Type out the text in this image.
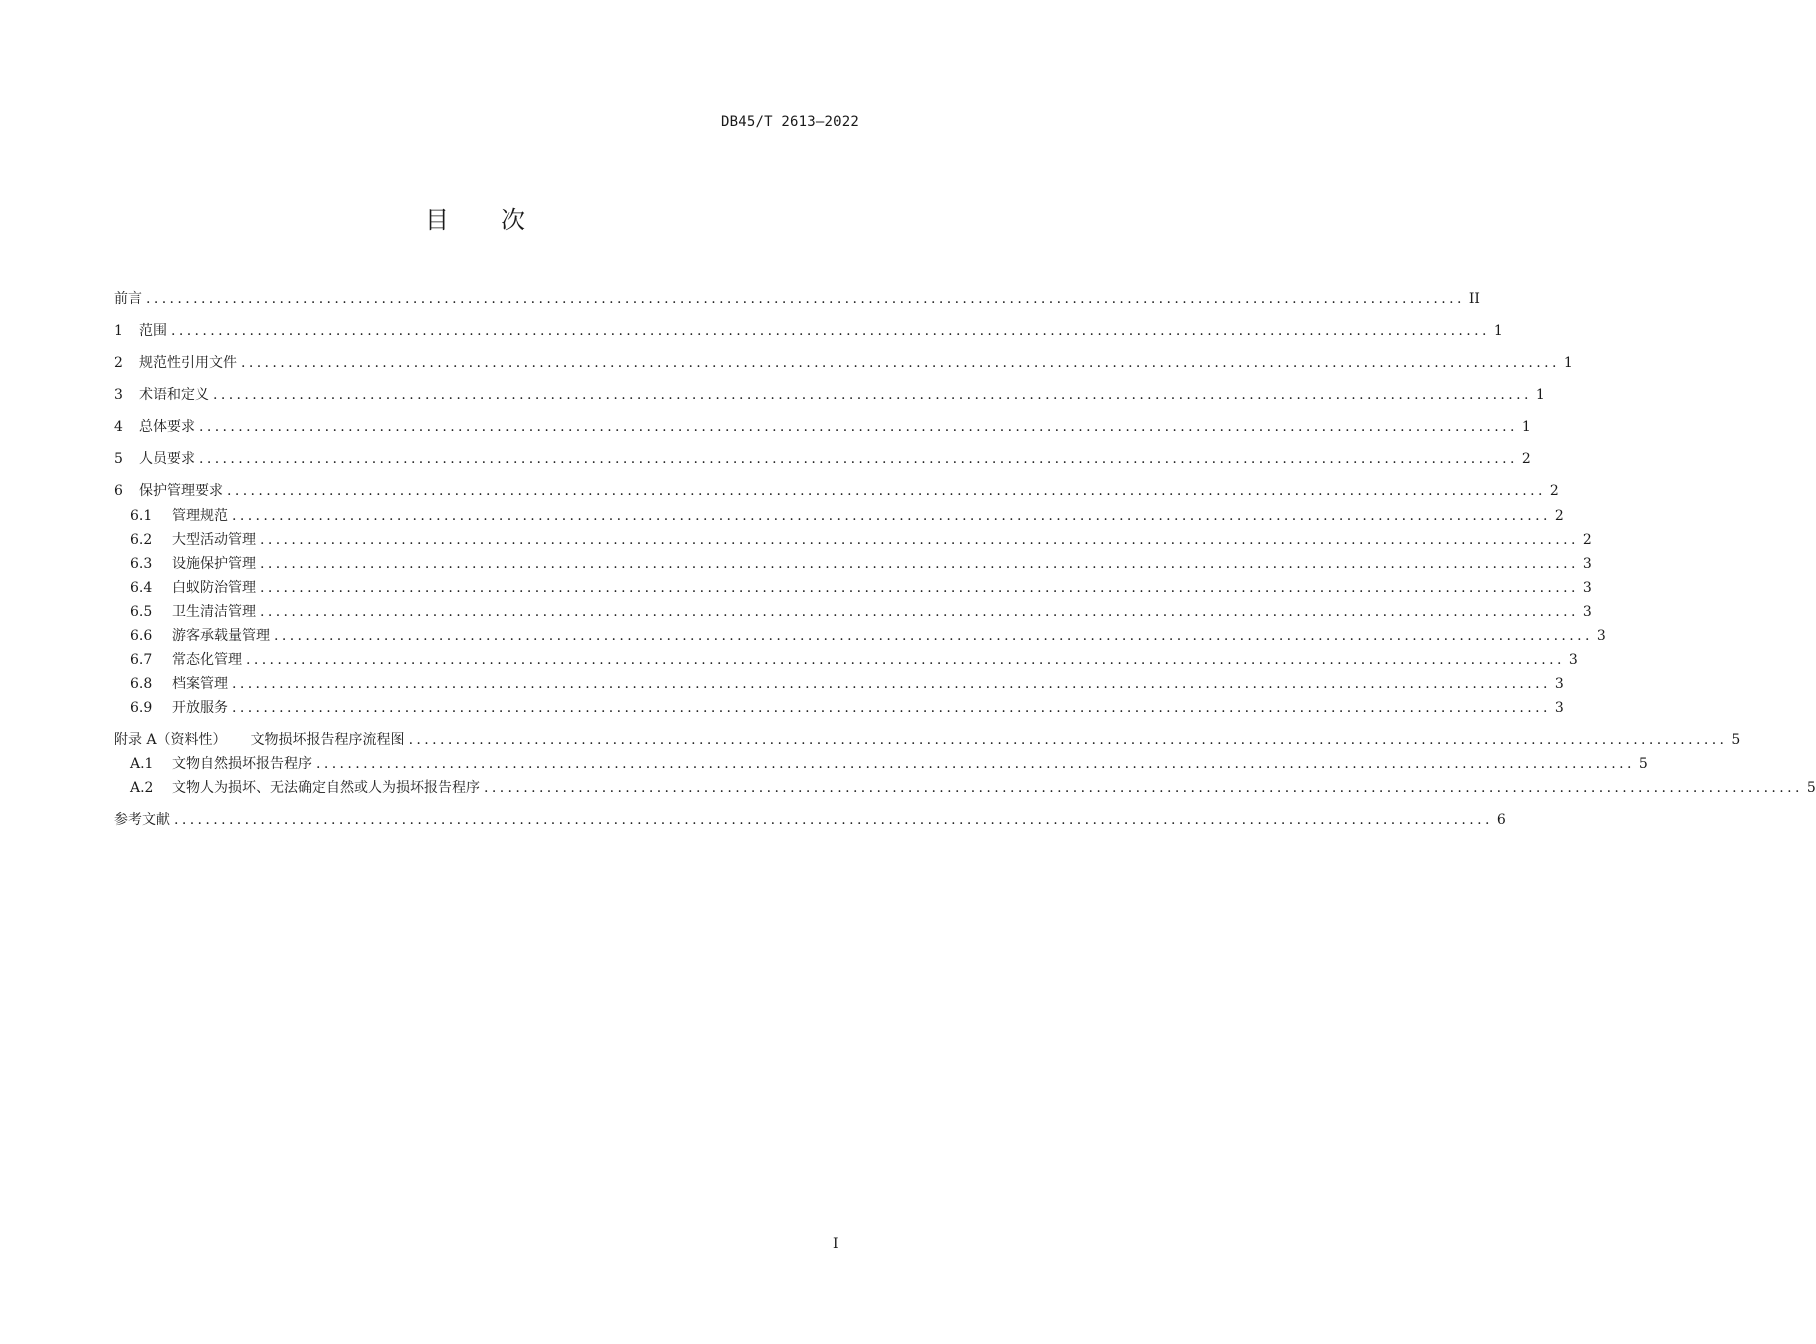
DB45/T 2613—2022
目 次
前言 ........................................................................................................................................................................ II
1	范围 ........................................................................................................................................................................ 1
2	规范性引用文件 ........................................................................................................................................................................ 1
3	术语和定义 ........................................................................................................................................................................ 1
4	总体要求 ........................................................................................................................................................................ 1
5	人员要求 ........................................................................................................................................................................ 2
6	保护管理要求 ........................................................................................................................................................................ 2
6.1	管理规范 ........................................................................................................................................................................ 2
6.2	大型活动管理 ........................................................................................................................................................................ 2
6.3	设施保护管理 ........................................................................................................................................................................ 3
6.4	白蚁防治管理 ........................................................................................................................................................................ 3
6.5	卫生清洁管理 ........................................................................................................................................................................ 3
6.6	游客承载量管理 ........................................................................................................................................................................ 3
6.7	常态化管理 ........................................................................................................................................................................ 3
6.8	档案管理 ........................................................................................................................................................................ 3
6.9	开放服务 ........................................................................................................................................................................ 3
附录 A（资料性） 文物损坏报告程序流程图 ........................................................................................................................................................................ 5
A.1	文物自然损坏报告程序 ........................................................................................................................................................................ 5
A.2	文物人为损坏、无法确定自然或人为损坏报告程序 ........................................................................................................................................................................ 5
参考文献 ........................................................................................................................................................................ 6
I
